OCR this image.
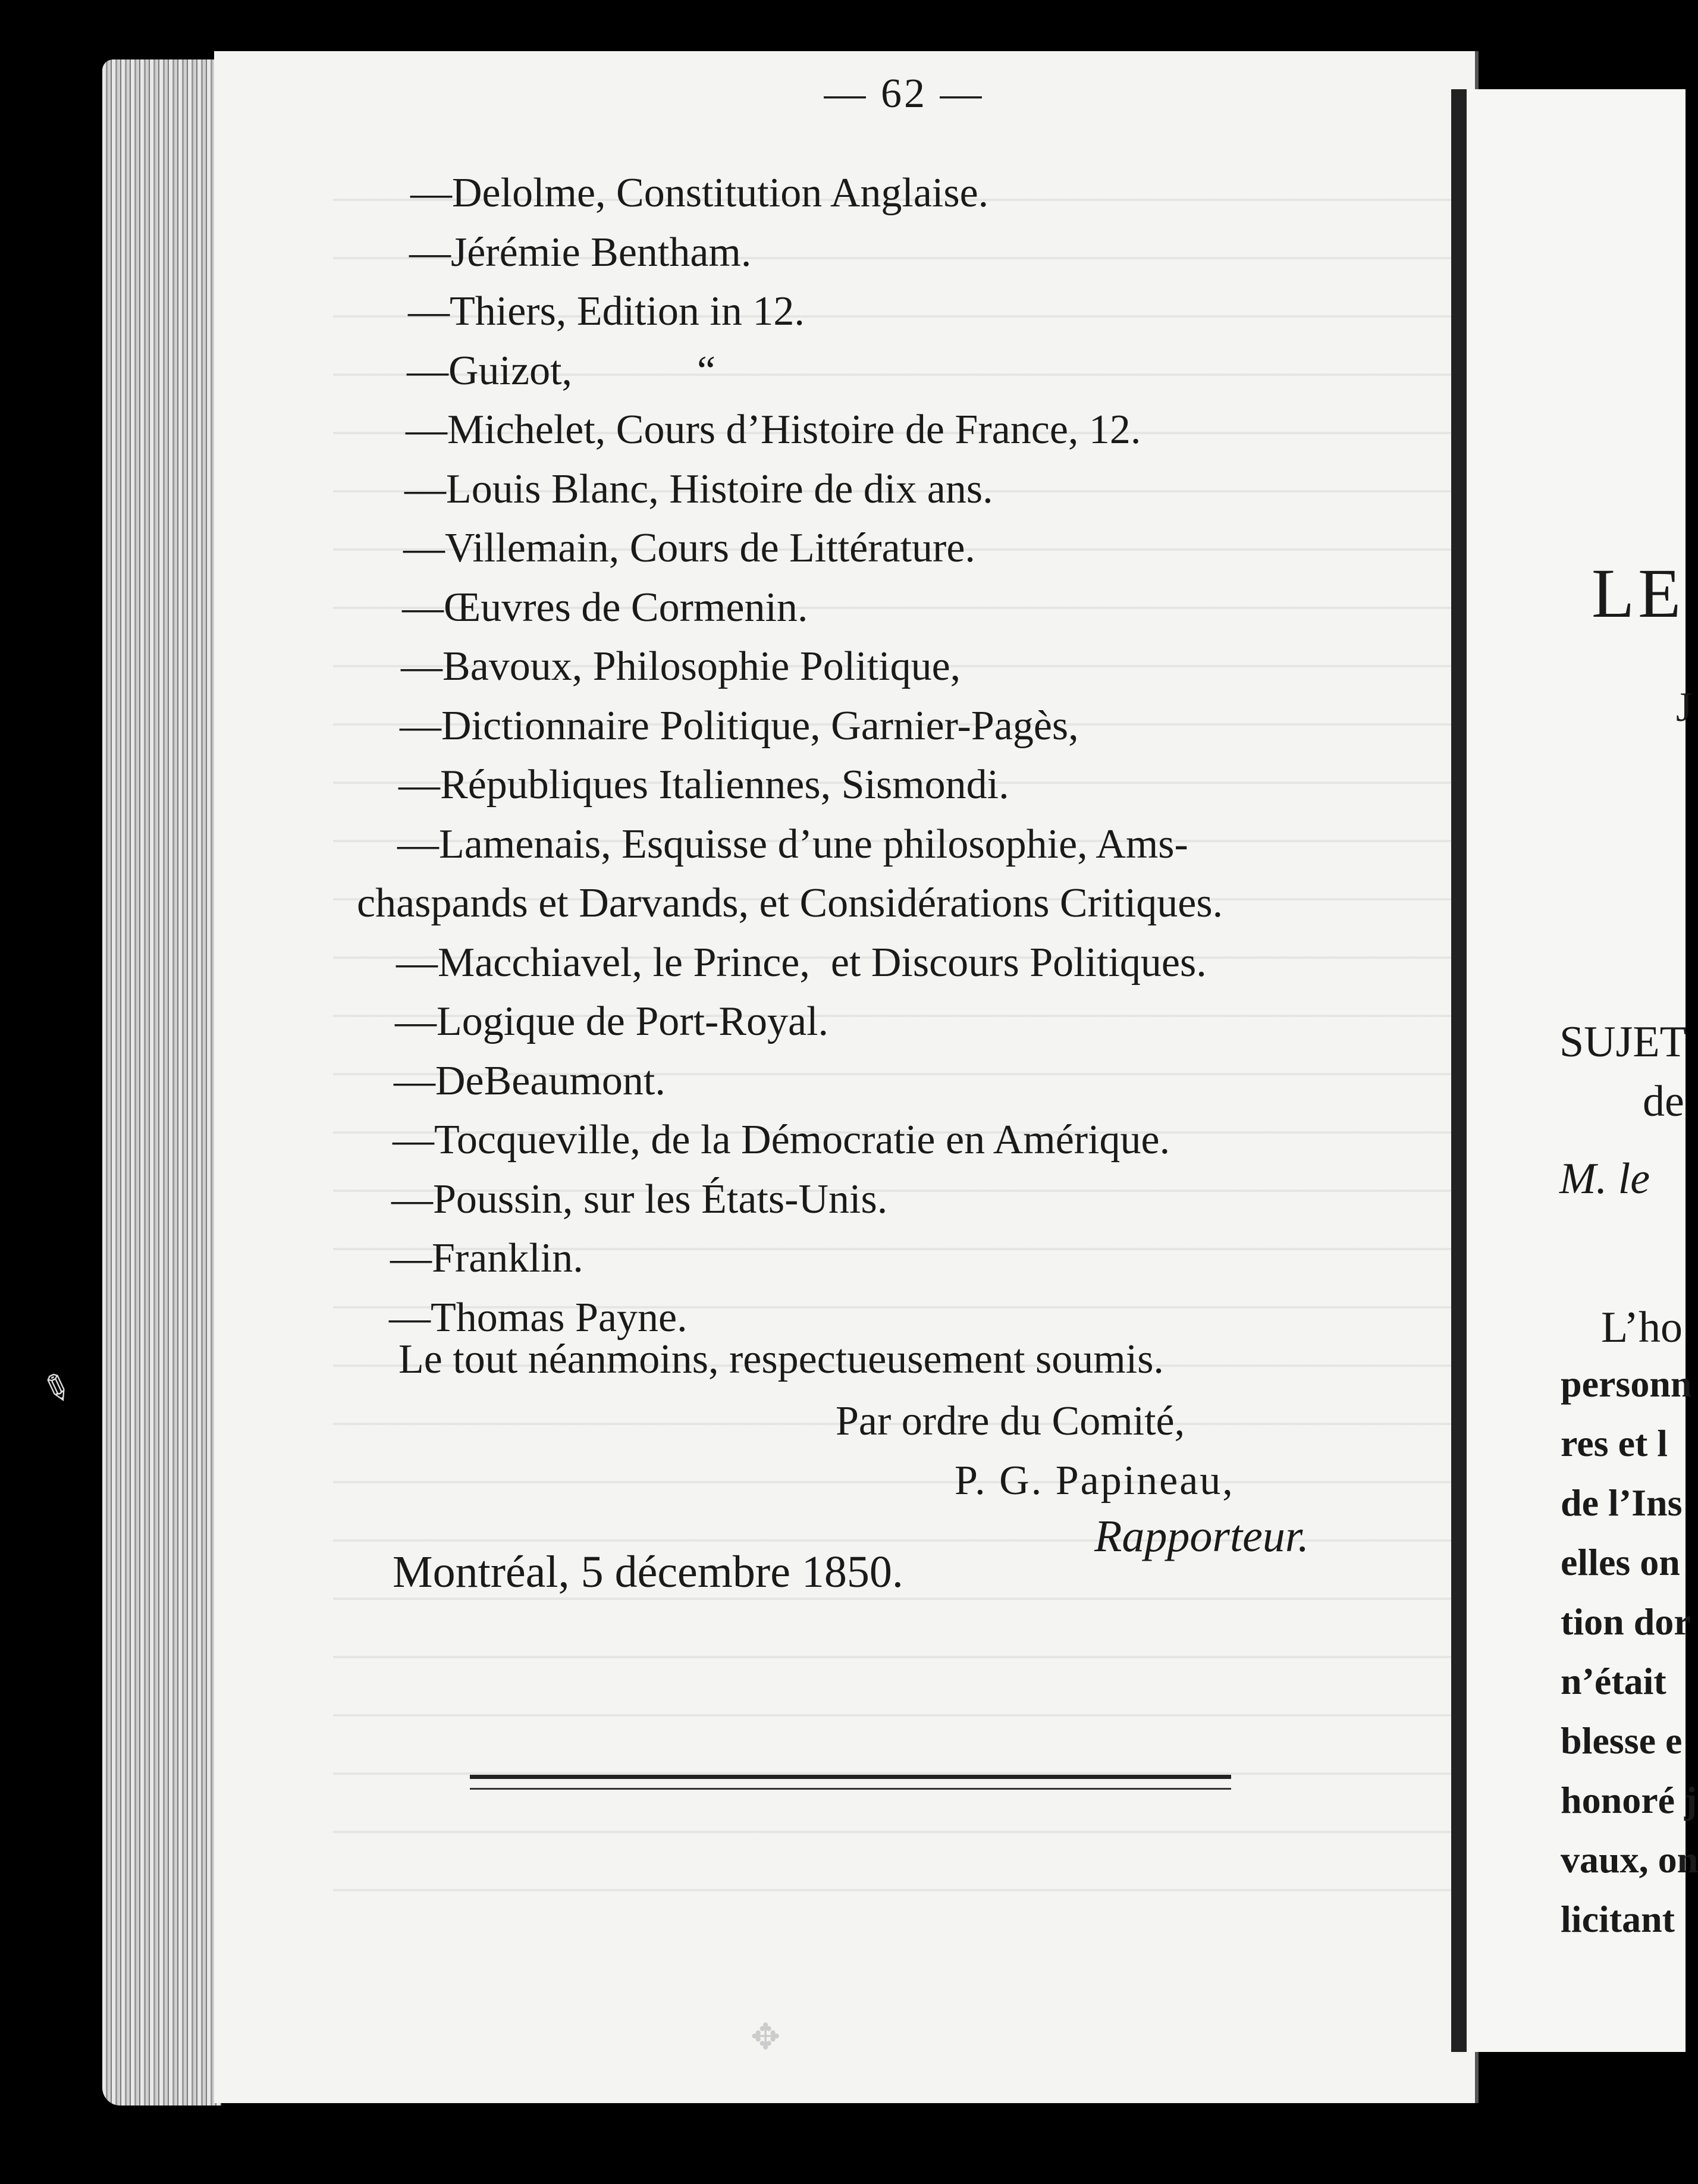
— 62 —
—Delolme, Constitution Anglaise.
—Jérémie Bentham.
—Thiers, Edition in 12.
—Guizot,            “
—Michelet, Cours d’Histoire de France, 12.
—Louis Blanc, Histoire de dix ans.
—Villemain, Cours de Littérature.
—Œuvres de Cormenin.
—Bavoux, Philosophie Politique,
—Dictionnaire Politique, Garnier-Pagès,
—Républiques Italiennes, Sismondi.
—Lamenais, Esquisse d’une philosophie, Ams-
chaspands et Darvands, et Considérations Critiques.
—Macchiavel, le Prince,  et Discours Politiques.
—Logique de Port-Royal.
—DeBeaumont.
—Tocqueville, de la Démocratie en Amérique.
—Poussin, sur les États-Unis.
—Franklin.
—Thomas Payne.
Le tout néanmoins, respectueusement soumis.
Par ordre du Comité,
P. G. Papineau,
Rapporteur.
Montréal, 5 décembre 1850.
LE
J
SUJET
de
M. le
L’ho
personn
res et l
de l’Ins
elles on
tion dor
n’était
blesse e
honoré j
vaux, on
licitant
✥
✎
